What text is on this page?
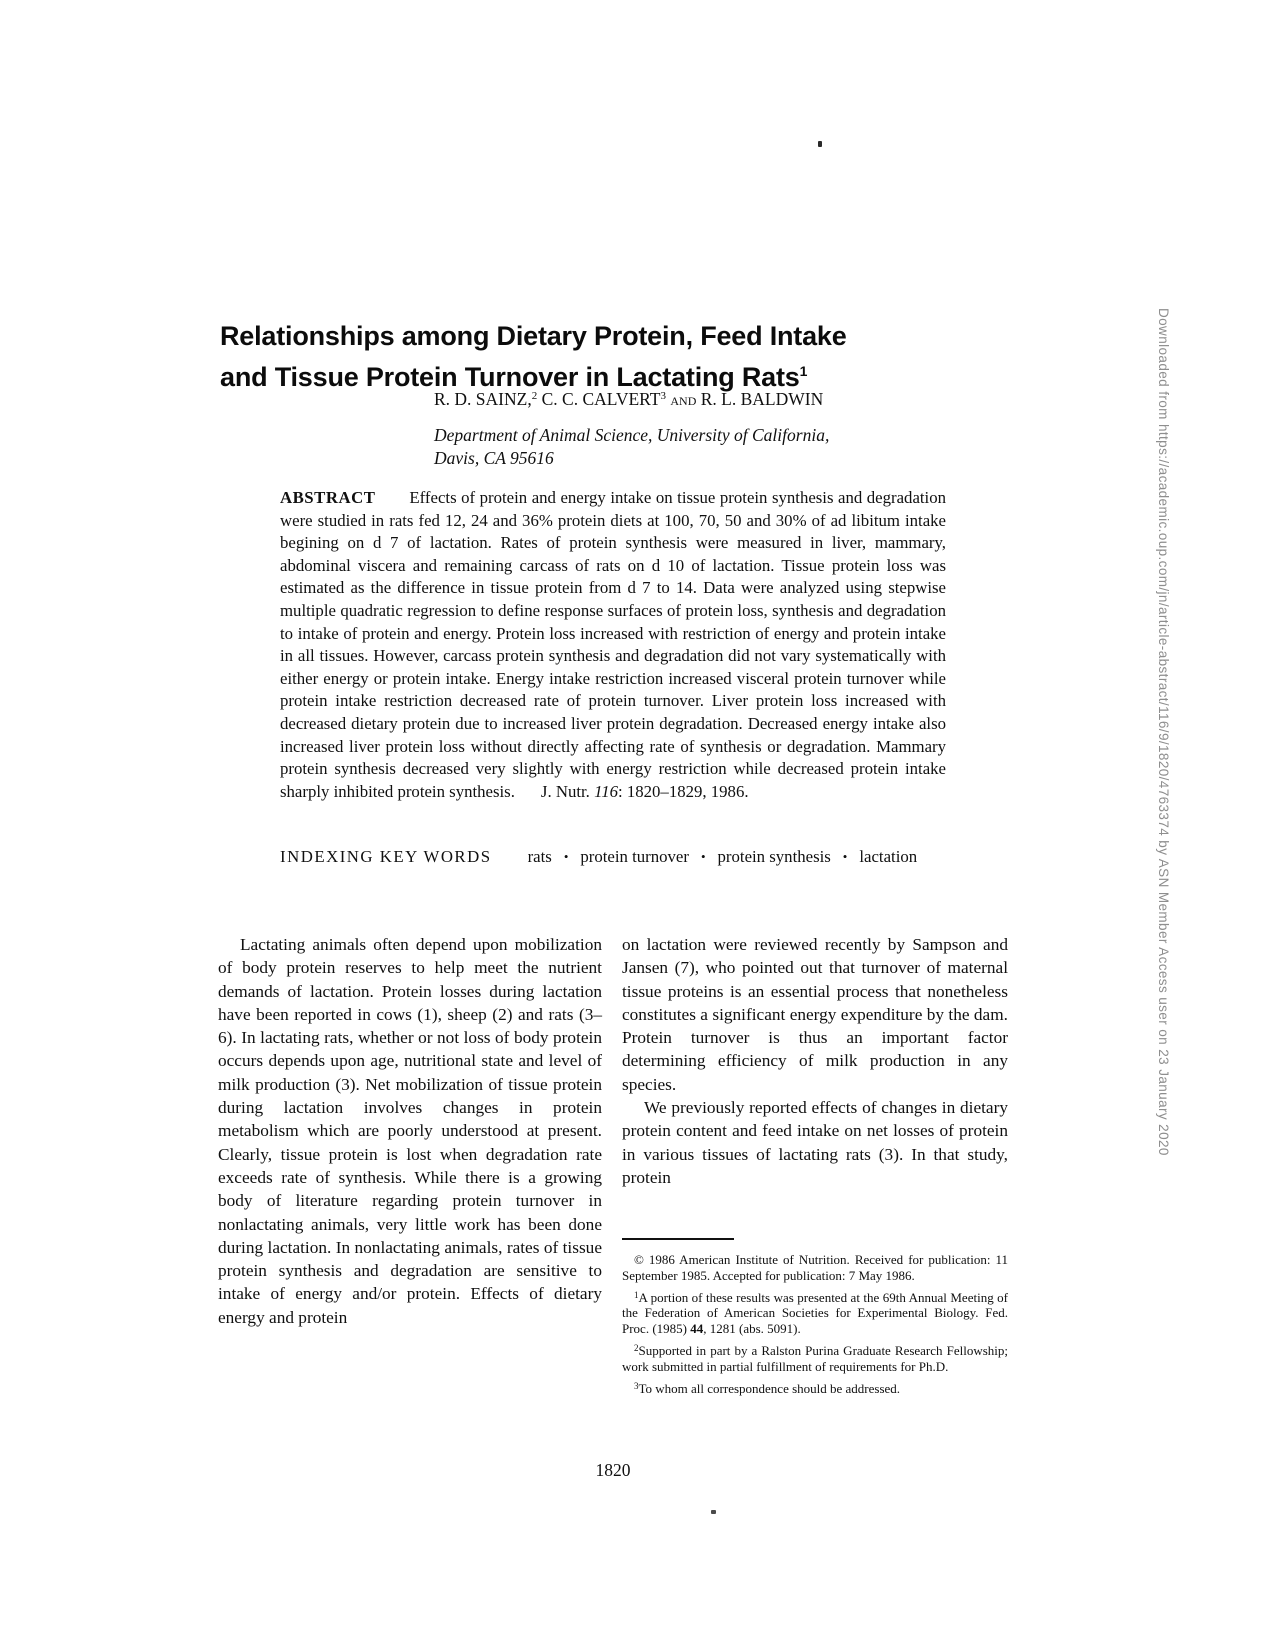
Relationships among Dietary Protein, Feed Intake
and Tissue Protein Turnover in Lactating Rats$^1$
R. D. SAINZ,$^2$ C. C. CALVERT$^3$ and R. L. BALDWIN
Department of Animal Science, University of California,
Davis, CA 95616
ABSTRACT Effects of protein and energy intake on tissue protein synthesis and degradation were studied in rats fed 12, 24 and 36% protein diets at 100, 70, 50 and 30% of ad libitum intake begining on d 7 of lactation. Rates of protein synthesis were measured in liver, mammary, abdominal viscera and remaining carcass of rats on d 10 of lactation. Tissue protein loss was estimated as the difference in tissue protein from d 7 to 14. Data were analyzed using stepwise multiple quadratic regression to define response surfaces of protein loss, synthesis and degradation to intake of protein and energy. Protein loss increased with restriction of energy and protein intake in all tissues. However, carcass protein synthesis and degradation did not vary systematically with either energy or protein intake. Energy intake restriction increased visceral protein turnover while protein intake restriction decreased rate of protein turnover. Liver protein loss increased with decreased dietary protein due to increased liver protein degradation. Decreased energy intake also increased liver protein loss without directly affecting rate of synthesis or degradation. Mammary protein synthesis decreased very slightly with energy restriction while decreased protein intake sharply inhibited protein synthesis. J. Nutr. 116: 1820–1829, 1986.
INDEXING KEY WORDS rats • protein turnover • protein synthesis • lactation

Lactating animals often depend upon mobilization of body protein reserves to help meet the nutrient demands of lactation. Protein losses during lactation have been reported in cows (1), sheep (2) and rats (3–6). In lactating rats, whether or not loss of body protein occurs depends upon age, nutritional state and level of milk production (3). Net mobilization of tissue protein during lactation involves changes in protein metabolism which are poorly understood at present. Clearly, tissue protein is lost when degradation rate exceeds rate of synthesis. While there is a growing body of literature regarding protein turnover in nonlactating animals, very little work has been done during lactation. In nonlactating animals, rates of tissue protein synthesis and degradation are sensitive to intake of energy and/or protein. Effects of dietary energy and protein

on lactation were reviewed recently by Sampson and Jansen (7), who pointed out that turnover of maternal tissue proteins is an essential process that nonetheless constitutes a significant energy expenditure by the dam. Protein turnover is thus an important factor determining efficiency of milk production in any species.

We previously reported effects of changes in dietary protein content and feed intake on net losses of protein in various tissues of lactating rats (3). In that study, protein

© 1986 American Institute of Nutrition. Received for publication: 11 September 1985. Accepted for publication: 7 May 1986.

$^1$A portion of these results was presented at the 69th Annual Meeting of the Federation of American Societies for Experimental Biology. Fed. Proc. (1985) 44, 1281 (abs. 5091).

$^2$Supported in part by a Ralston Purina Graduate Research Fellowship; work submitted in partial fulfillment of requirements for Ph.D.

$^3$To whom all correspondence should be addressed.

1820
Downloaded from https://academic.oup.com/jn/article-abstract/116/9/1820/4763374 by ASN Member Access user on 23 January 2020
